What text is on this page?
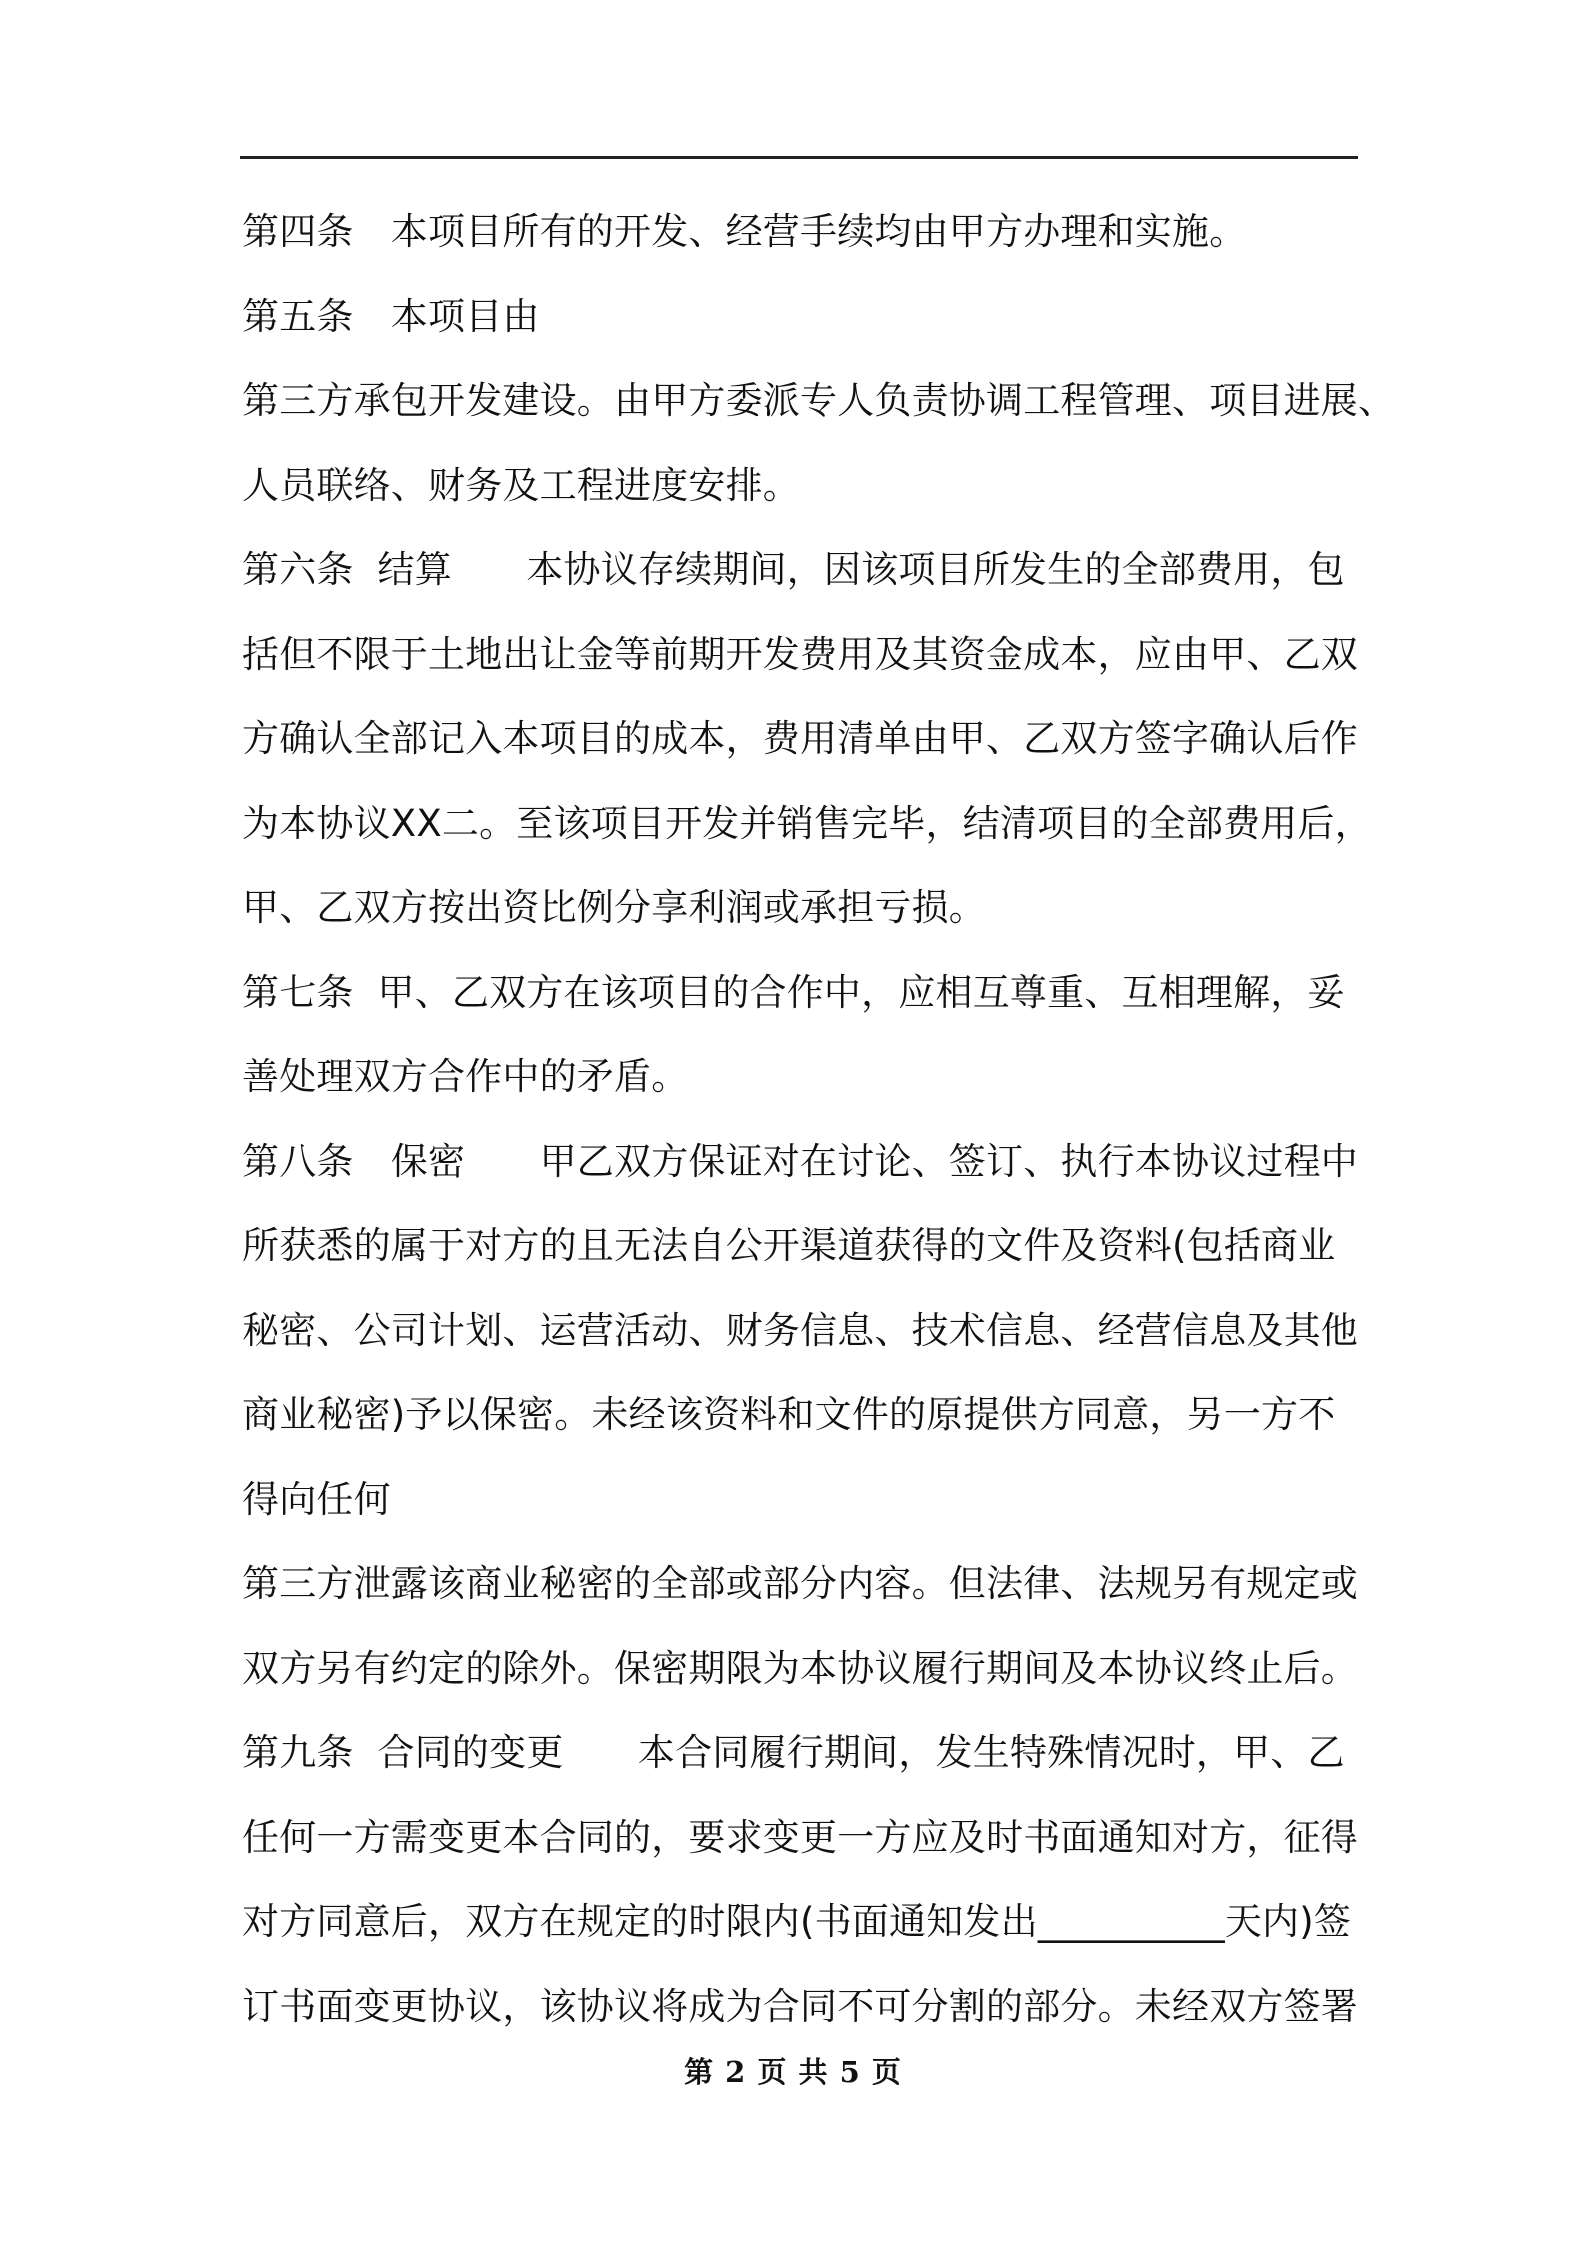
第四条　本项目所有的开发、经营手续均由甲方办理和实施。
第五条　本项目由
第三方承包开发建设。由甲方委派专人负责协调工程管理、项目进展、
人员联络、财务及工程进度安排。
第六条  结算　　本协议存续期间，因该项目所发生的全部费用，包
括但不限于土地出让金等前期开发费用及其资金成本，应由甲、乙双
方确认全部记入本项目的成本，费用清单由甲、乙双方签字确认后作
为本协议XX二。至该项目开发并销售完毕，结清项目的全部费用后，
甲、乙双方按出资比例分享利润或承担亏损。
第七条  甲、乙双方在该项目的合作中，应相互尊重、互相理解，妥
善处理双方合作中的矛盾。
第八条　保密　　甲乙双方保证对在讨论、签订、执行本协议过程中
所获悉的属于对方的且无法自公开渠道获得的文件及资料(包括商业
秘密、公司计划、运营活动、财务信息、技术信息、经营信息及其他
商业秘密)予以保密。未经该资料和文件的原提供方同意，另一方不
得向任何
第三方泄露该商业秘密的全部或部分内容。但法律、法规另有规定或
双方另有约定的除外。保密期限为本协议履行期间及本协议终止后。
第九条  合同的变更　　本合同履行期间，发生特殊情况时，甲、乙
任何一方需变更本合同的，要求变更一方应及时书面通知对方，征得
对方同意后，双方在规定的时限内(书面通知发出__________天内)签
订书面变更协议，该协议将成为合同不可分割的部分。未经双方签署
第 2 页 共 5 页
